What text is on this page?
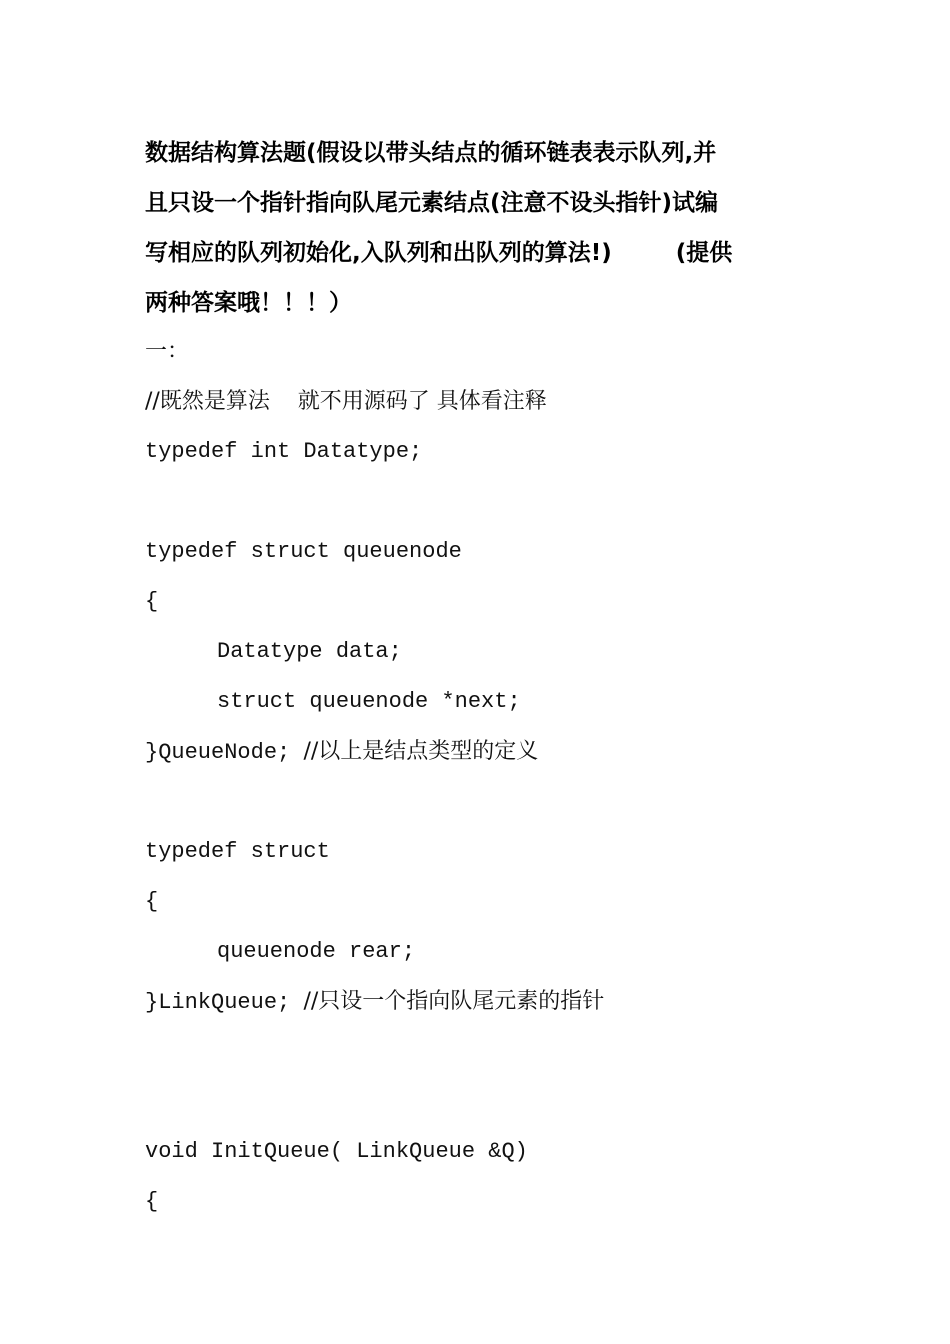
数据结构算法题(假设以带头结点的循环链表表示队列,并
且只设一个指针指向队尾元素结点(注意不设头指针)试编
写相应的队列初始化,入队列和出队列的算法!)	(提供
两种答案哦！！！）
一：
//既然是算法    就不用源码了 具体看注释
typedef int Datatype;
typedef struct queuenode
{
Datatype data;
struct queuenode *next;
}QueueNode; //以上是结点类型的定义
typedef struct
{
queuenode rear;
}LinkQueue; //只设一个指向队尾元素的指针
void InitQueue( LinkQueue &Q)
{
